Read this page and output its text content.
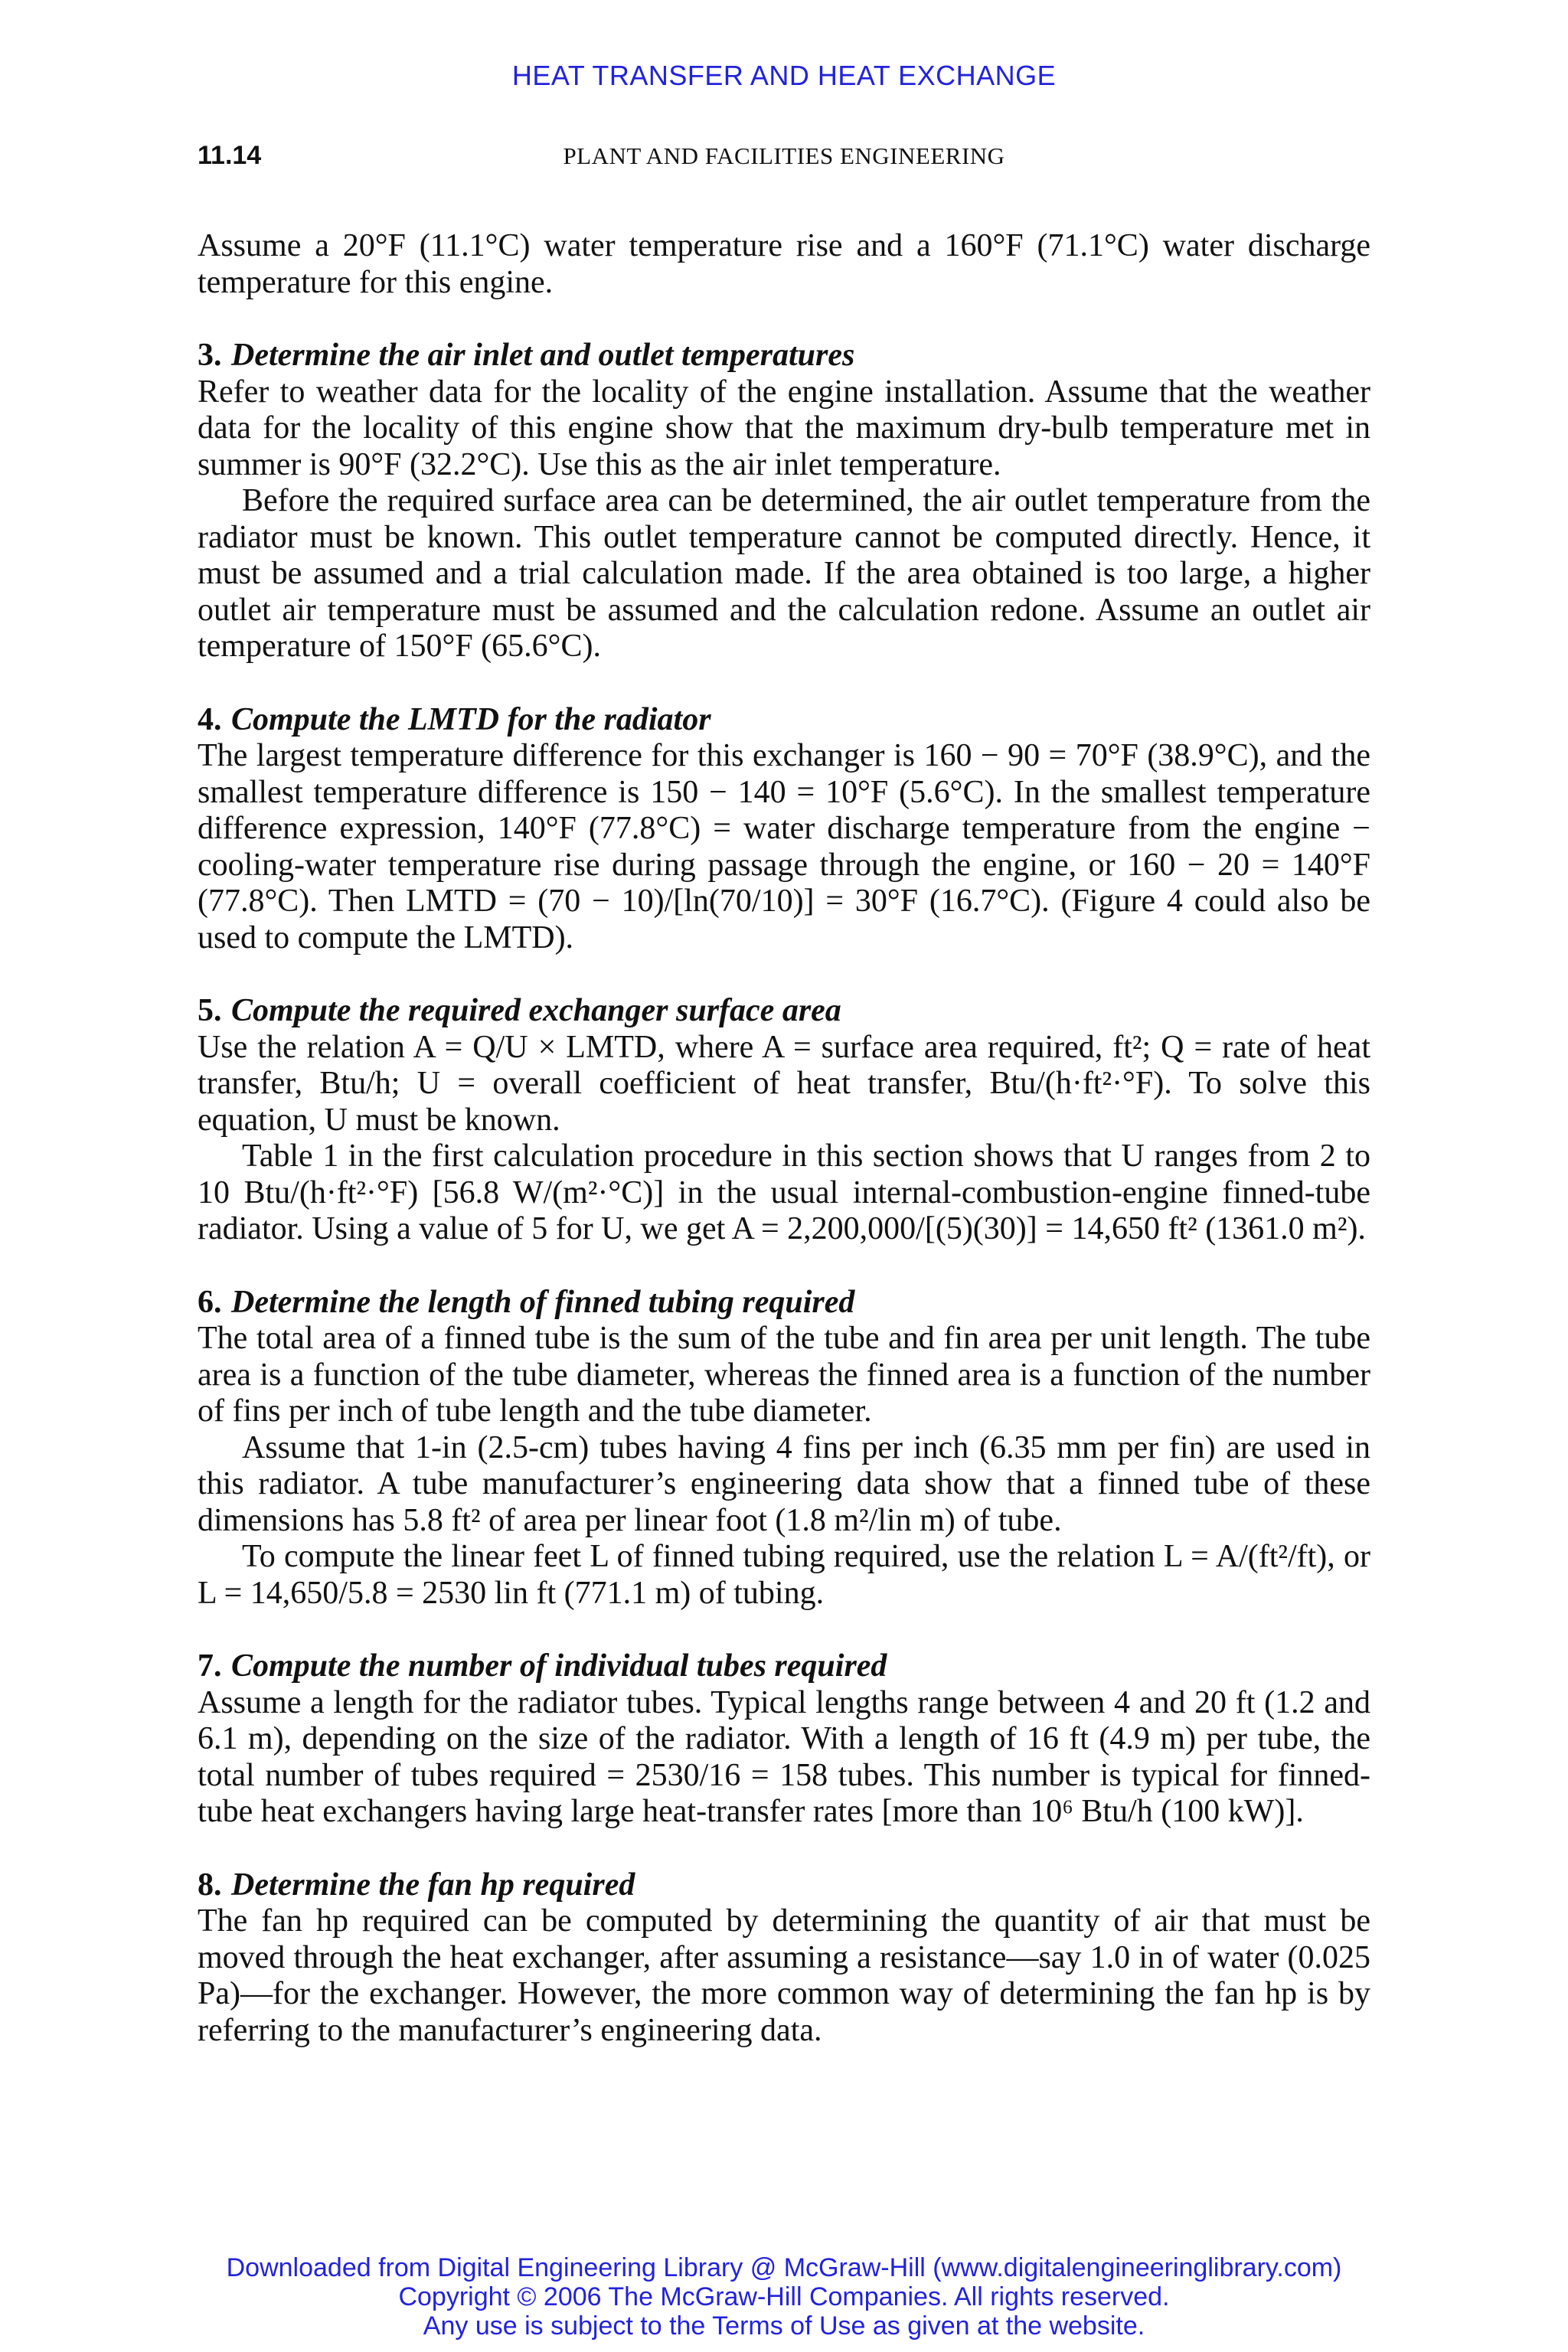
HEAT TRANSFER AND HEAT EXCHANGE
11.14	PLANT AND FACILITIES ENGINEERING

Assume a 20°F (11.1°C) water temperature rise and a 160°F (71.1°C) water discharge temperature for this engine.

3. Determine the air inlet and outlet temperatures

Refer to weather data for the locality of the engine installation. Assume that the weather data for the locality of this engine show that the maximum dry-bulb temperature met in summer is 90°F (32.2°C). Use this as the air inlet temperature.

Before the required surface area can be determined, the air outlet temperature from the radiator must be known. This outlet temperature cannot be computed directly. Hence, it must be assumed and a trial calculation made. If the area obtained is too large, a higher outlet air temperature must be assumed and the calculation redone. Assume an outlet air temperature of 150°F (65.6°C).

4. Compute the LMTD for the radiator

The largest temperature difference for this exchanger is 160 − 90 = 70°F (38.9°C), and the smallest temperature difference is 150 − 140 = 10°F (5.6°C). In the smallest temperature difference expression, 140°F (77.8°C) = water discharge temperature from the engine − cooling-water temperature rise during passage through the engine, or 160 − 20 = 140°F (77.8°C). Then LMTD = (70 − 10)/[ln(70/10)] = 30°F (16.7°C). (Figure 4 could also be used to compute the LMTD).

5. Compute the required exchanger surface area

Use the relation A = Q/U × LMTD, where A = surface area required, ft²; Q = rate of heat transfer, Btu/h; U = overall coefficient of heat transfer, Btu/(h·ft²·°F). To solve this equation, U must be known.

Table 1 in the first calculation procedure in this section shows that U ranges from 2 to 10 Btu/(h·ft²·°F) [56.8 W/(m²·°C)] in the usual internal-combustion-engine finned-tube radiator. Using a value of 5 for U, we get A = 2,200,000/[(5)(30)] = 14,650 ft² (1361.0 m²).

6. Determine the length of finned tubing required

The total area of a finned tube is the sum of the tube and fin area per unit length. The tube area is a function of the tube diameter, whereas the finned area is a function of the number of fins per inch of tube length and the tube diameter.

Assume that 1-in (2.5-cm) tubes having 4 fins per inch (6.35 mm per fin) are used in this radiator. A tube manufacturer’s engineering data show that a finned tube of these dimensions has 5.8 ft² of area per linear foot (1.8 m²/lin m) of tube.

To compute the linear feet L of finned tubing required, use the relation L = A/(ft²/ft), or L = 14,650/5.8 = 2530 lin ft (771.1 m) of tubing.

7. Compute the number of individual tubes required

Assume a length for the radiator tubes. Typical lengths range between 4 and 20 ft (1.2 and 6.1 m), depending on the size of the radiator. With a length of 16 ft (4.9 m) per tube, the total number of tubes required = 2530/16 = 158 tubes. This number is typical for finned-tube heat exchangers having large heat-transfer rates [more than 10⁶ Btu/h (100 kW)].

8. Determine the fan hp required

The fan hp required can be computed by determining the quantity of air that must be moved through the heat exchanger, after assuming a resistance—say 1.0 in of water (0.025 Pa)—for the exchanger. However, the more common way of determining the fan hp is by referring to the manufacturer’s engineering data.

Downloaded from Digital Engineering Library @ McGraw-Hill (www.digitalengineeringlibrary.com)
Copyright © 2006 The McGraw-Hill Companies. All rights reserved.
Any use is subject to the Terms of Use as given at the website.
